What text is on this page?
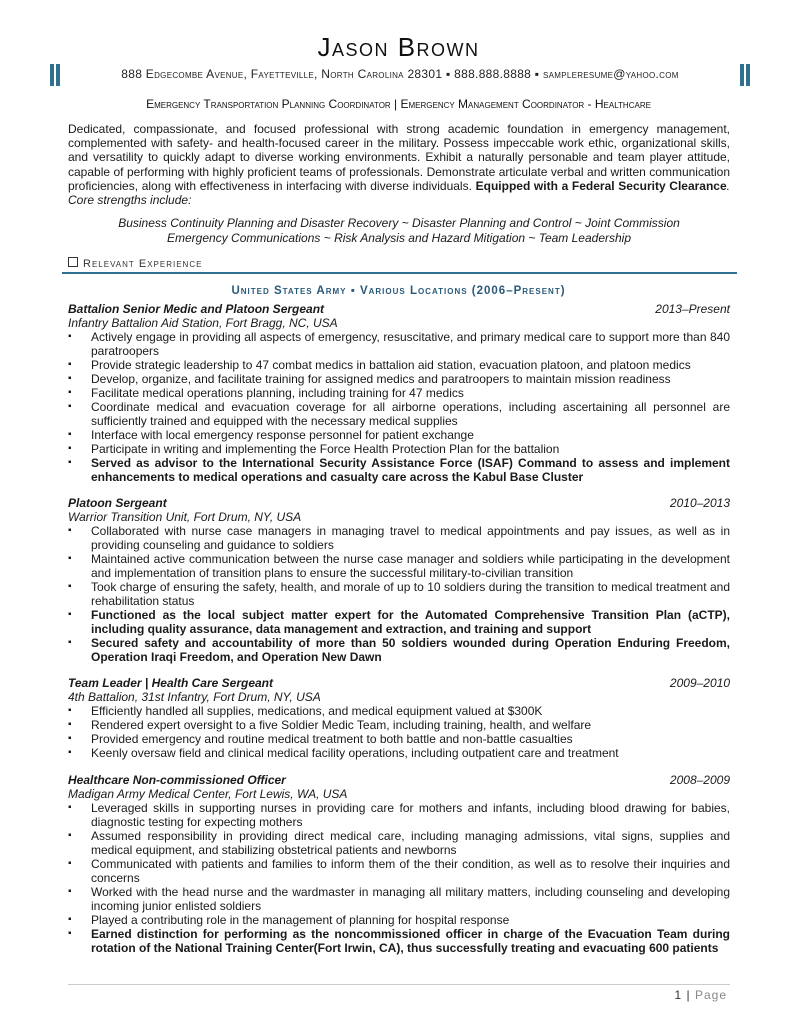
Jason Brown
888 Edgecombe Avenue, Fayetteville, North Carolina 28301 ▪ 888.888.8888 ▪ sampleresume@yahoo.com
Emergency Transportation Planning Coordinator | Emergency Management Coordinator - Healthcare
Dedicated, compassionate, and focused professional with strong academic foundation in emergency management, complemented with safety- and health-focused career in the military. Possess impeccable work ethic, organizational skills, and versatility to quickly adapt to diverse working environments. Exhibit a naturally personable and team player attitude, capable of performing with highly proficient teams of professionals. Demonstrate articulate verbal and written communication proficiencies, along with effectiveness in interfacing with diverse individuals. Equipped with a Federal Security Clearance. Core strengths include:
Business Continuity Planning and Disaster Recovery ~ Disaster Planning and Control ~ Joint Commission
Emergency Communications ~ Risk Analysis and Hazard Mitigation ~ Team Leadership
Relevant Experience
United States Army ▪ Various Locations (2006–Present)
Battalion Senior Medic and Platoon Sergeant	2013–Present
Infantry Battalion Aid Station, Fort Bragg, NC, USA
▪ Actively engage in providing all aspects of emergency, resuscitative, and primary medical care to support more than 840 paratroopers
▪ Provide strategic leadership to 47 combat medics in battalion aid station, evacuation platoon, and platoon medics
▪ Develop, organize, and facilitate training for assigned medics and paratroopers to maintain mission readiness
▪ Facilitate medical operations planning, including training for 47 medics
▪ Coordinate medical and evacuation coverage for all airborne operations, including ascertaining all personnel are sufficiently trained and equipped with the necessary medical supplies
▪ Interface with local emergency response personnel for patient exchange
▪ Participate in writing and implementing the Force Health Protection Plan for the battalion
▪ Served as advisor to the International Security Assistance Force (ISAF) Command to assess and implement enhancements to medical operations and casualty care across the Kabul Base Cluster
Platoon Sergeant	2010–2013
Warrior Transition Unit, Fort Drum, NY, USA
▪ Collaborated with nurse case managers in managing travel to medical appointments and pay issues, as well as in providing counseling and guidance to soldiers
▪ Maintained active communication between the nurse case manager and soldiers while participating in the development and implementation of transition plans to ensure the successful military-to-civilian transition
▪ Took charge of ensuring the safety, health, and morale of up to 10 soldiers during the transition to medical treatment and rehabilitation status
▪ Functioned as the local subject matter expert for the Automated Comprehensive Transition Plan (aCTP), including quality assurance, data management and extraction, and training and support
▪ Secured safety and accountability of more than 50 soldiers wounded during Operation Enduring Freedom, Operation Iraqi Freedom, and Operation New Dawn
Team Leader | Health Care Sergeant	2009–2010
4th Battalion, 31st Infantry, Fort Drum, NY, USA
▪ Efficiently handled all supplies, medications, and medical equipment valued at $300K
▪ Rendered expert oversight to a five Soldier Medic Team, including training, health, and welfare
▪ Provided emergency and routine medical treatment to both battle and non-battle casualties
▪ Keenly oversaw field and clinical medical facility operations, including outpatient care and treatment
Healthcare Non-commissioned Officer	2008–2009
Madigan Army Medical Center, Fort Lewis, WA, USA
▪ Leveraged skills in supporting nurses in providing care for mothers and infants, including blood drawing for babies, diagnostic testing for expecting mothers
▪ Assumed responsibility in providing direct medical care, including managing admissions, vital signs, supplies and medical equipment, and stabilizing obstetrical patients and newborns
▪ Communicated with patients and families to inform them of the their condition, as well as to resolve their inquiries and concerns
▪ Worked with the head nurse and the wardmaster in managing all military matters, including counseling and developing incoming junior enlisted soldiers
▪ Played a contributing role in the management of planning for hospital response
▪ Earned distinction for performing as the noncommissioned officer in charge of the Evacuation Team during rotation of the National Training Center(Fort Irwin, CA), thus successfully treating and evacuating 600 patients
1 | Page
